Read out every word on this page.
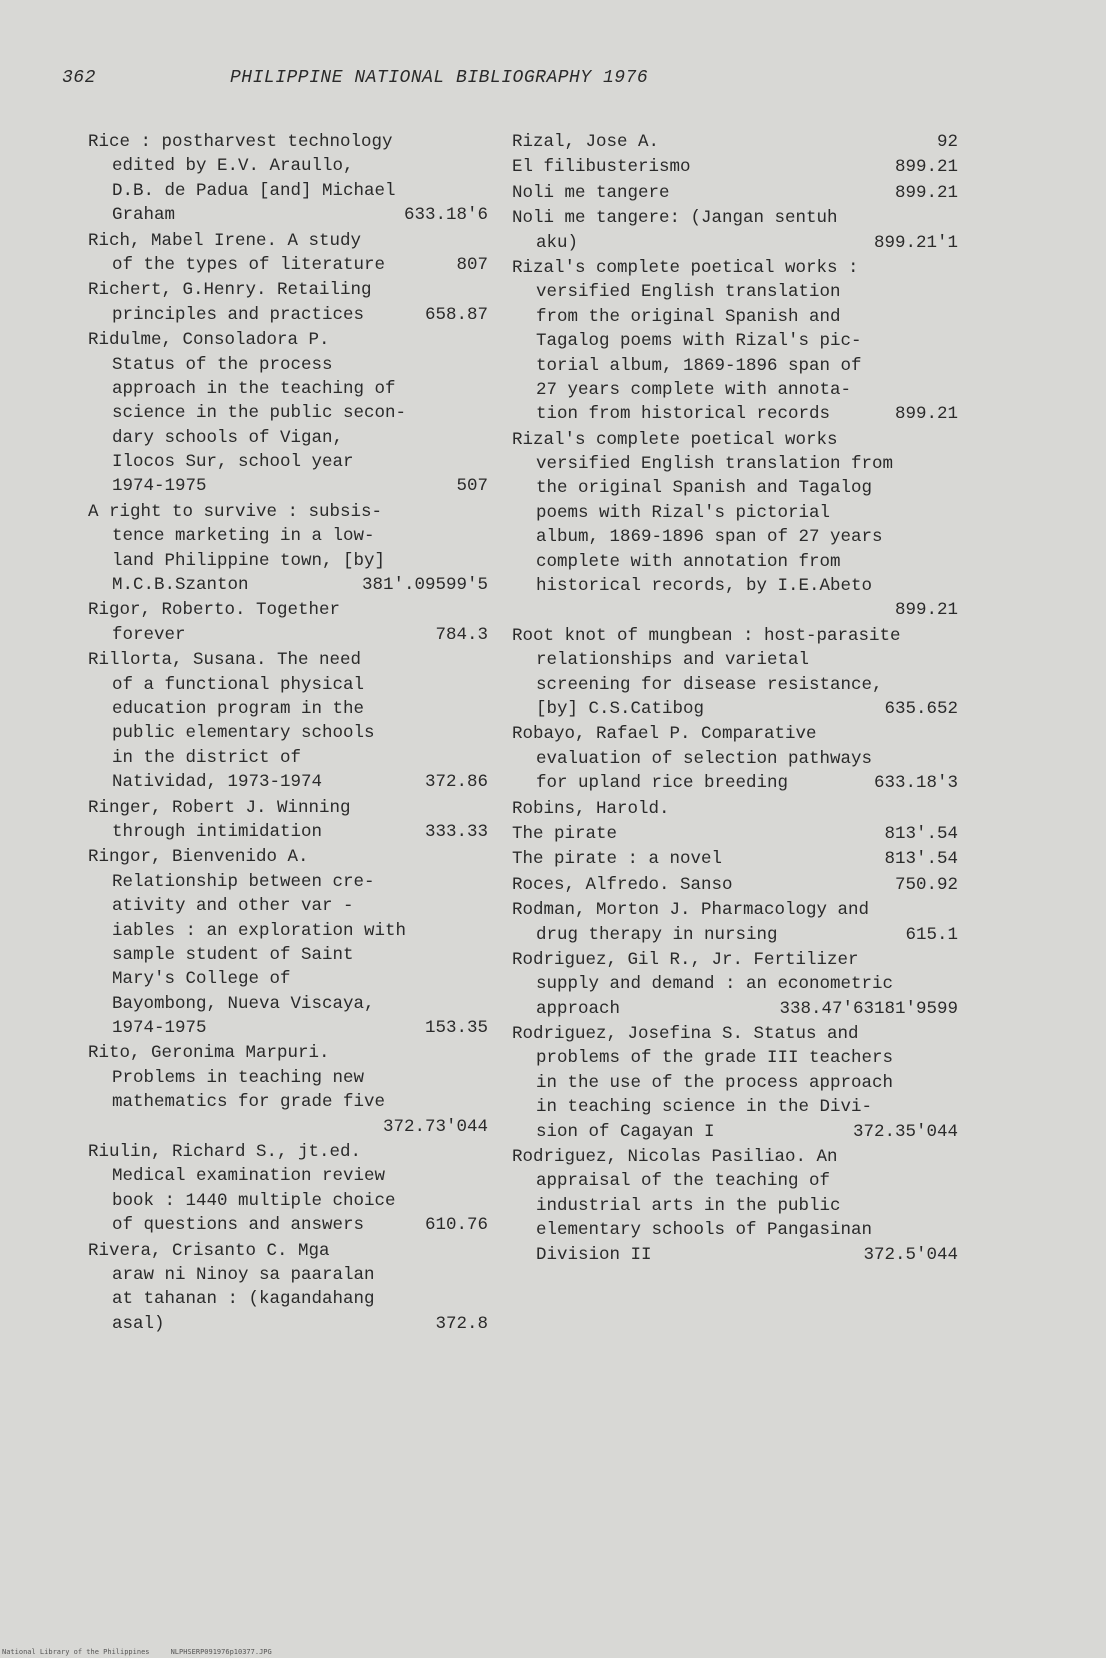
362	PHILIPPINE NATIONAL BIBLIOGRAPHY 1976
Rice : postharvest technology
edited by E.V. Araullo,
D.B. de Padua [and] Michael
Graham	633.18'6
Rich, Mabel Irene. A study
of the types of literature	807
Richert, G.Henry. Retailing
principles and practices	658.87
Ridulme, Consoladora P.
Status of the process
approach in the teaching of
science in the public secon-
dary schools of Vigan,
Ilocos Sur, school year
1974-1975	507
A right to survive : subsis-
tence marketing in a low-
land Philippine town, [by]
M.C.B.Szanton	381'.09599'5
Rigor, Roberto. Together
forever	784.3
Rillorta, Susana. The need
of a functional physical
education program in the
public elementary schools
in the district of
Natividad, 1973-1974	372.86
Ringer, Robert J. Winning
through intimidation	333.33
Ringor, Bienvenido A.
Relationship between cre-
ativity and other var -
iables : an exploration with
sample student of Saint
Mary's College of
Bayombong, Nueva Viscaya,
1974-1975	153.35
Rito, Geronima Marpuri.
Problems in teaching new
mathematics for grade five
372.73'044
Riulin, Richard S., jt.ed.
Medical examination review
book : 1440 multiple choice
of questions and answers	610.76
Rivera, Crisanto C. Mga
araw ni Ninoy sa paaralan
at tahanan : (kagandahang
asal)	372.8
Rizal, Jose A.	92
El filibusterismo	899.21
Noli me tangere	899.21
Noli me tangere: (Jangan sentuh
aku)	899.21'1
Rizal's complete poetical works :
versified English translation
from the original Spanish and
Tagalog poems with Rizal's pic-
torial album, 1869-1896 span of
27 years complete with annota-
tion from historical records	899.21
Rizal's complete poetical works
versified English translation from
the original Spanish and Tagalog
poems with Rizal's pictorial
album, 1869-1896 span of 27 years
complete with annotation from
historical records, by I.E.Abeto
899.21
Root knot of mungbean : host-parasite
relationships and varietal
screening for disease resistance,
[by] C.S.Catibog	635.652
Robayo, Rafael P. Comparative
evaluation of selection pathways
for upland rice breeding	633.18'3
Robins, Harold.
The pirate	813'.54
The pirate : a novel	813'.54
Roces, Alfredo. Sanso	750.92
Rodman, Morton J. Pharmacology and
drug therapy in nursing	615.1
Rodriguez, Gil R., Jr. Fertilizer
supply and demand : an econometric
approach	338.47'63181'9599
Rodriguez, Josefina S. Status and
problems of the grade III teachers
in the use of the process approach
in teaching science in the Divi-
sion of Cagayan I	372.35'044
Rodriguez, Nicolas Pasiliao. An
appraisal of the teaching of
industrial arts in the public
elementary schools of Pangasinan
Division II	372.5'044
National Library of the Philippines     NLPHSERP091976p10377.JPG
